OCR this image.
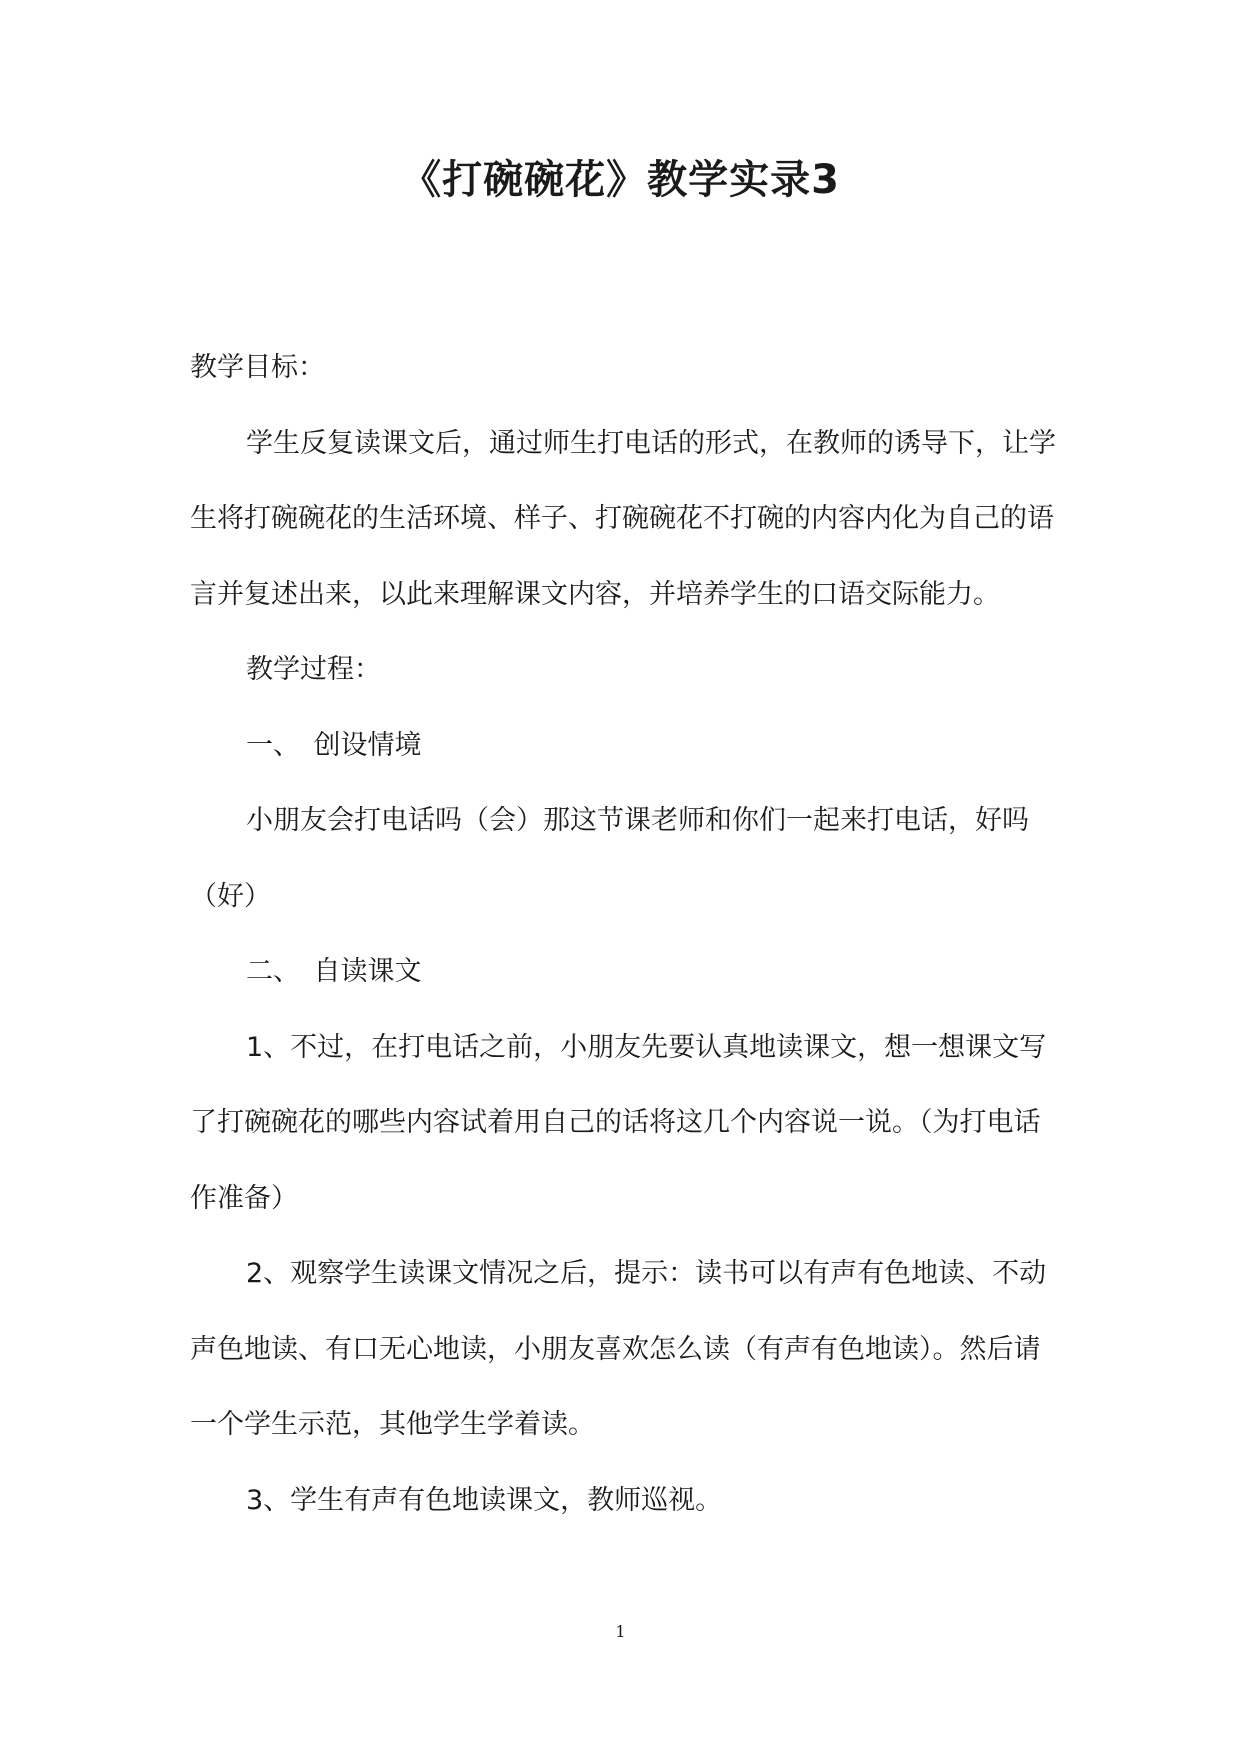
《打碗碗花》教学实录3

教学目标：

学生反复读课文后，通过师生打电话的形式，在教师的诱导下，让学生将打碗碗花的生活环境、样子、打碗碗花不打碗的内容内化为自己的语言并复述出来，以此来理解课文内容，并培养学生的口语交际能力。

教学过程：

一、　创设情境

小朋友会打电话吗（会）那这节课老师和你们一起来打电话，好吗（好）

二、　自读课文

1、不过，在打电话之前，小朋友先要认真地读课文，想一想课文写了打碗碗花的哪些内容试着用自己的话将这几个内容说一说。（为打电话作准备）

2、观察学生读课文情况之后，提示：读书可以有声有色地读、不动声色地读、有口无心地读，小朋友喜欢怎么读（有声有色地读）。然后请一个学生示范，其他学生学着读。

3、学生有声有色地读课文，教师巡视。

1
